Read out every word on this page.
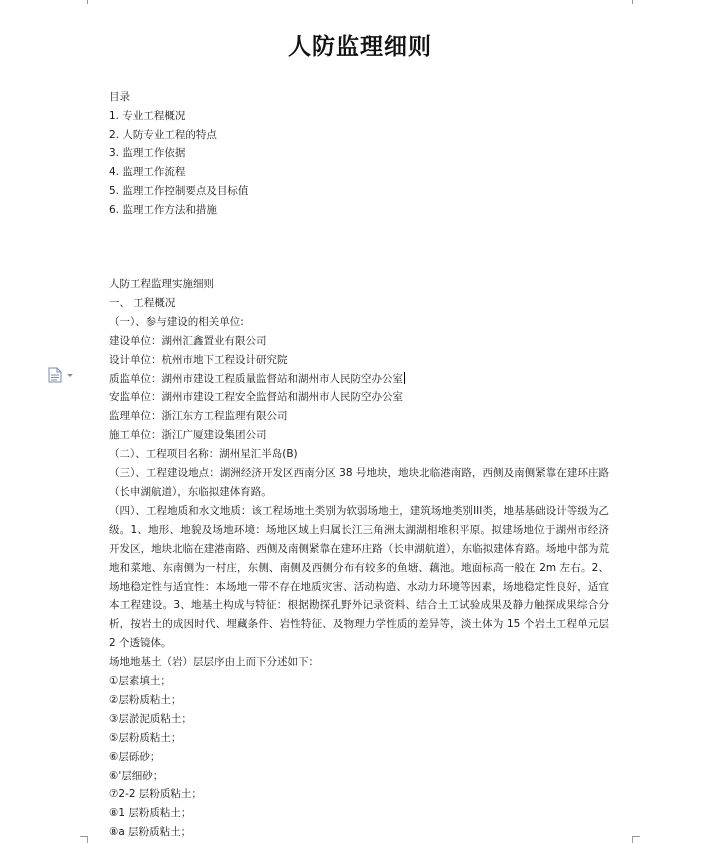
人防监理细则
目录
1. 专业工程概况
2. 人防专业工程的特点
3. 监理工作依据
4. 监理工作流程
5. 监理工作控制要点及目标值
6. 监理工作方法和措施
人防工程监理实施细则
一、 工程概况
（一）、参与建设的相关单位:
建设单位：湖州汇鑫置业有限公司
设计单位：杭州市地下工程设计研究院
质监单位：湖州市建设工程质量监督站和湖州市人民防空办公室
安监单位：湖州市建设工程安全监督站和湖州市人民防空办公室
监理单位：浙江东方工程监理有限公司
施工单位：浙江广厦建设集团公司
（二）、工程项目名称：湖州星汇半岛(B)
（三）、工程建设地点：湖洲经济开发区西南分区 38 号地块，地块北临港南路，西侧及南侧紧靠在建环庄路（长申湖航道），东临拟建体育路。
（四）、工程地质和水文地质：该工程场地土类别为软弱场地土，建筑场地类别III类，地基基础设计等级为乙级。1、地形、地貌及场地环境：场地区域上归属长江三角洲太湖湖相堆积平原。拟建场地位于湖州市经济开发区，地块北临在建港南路、西侧及南侧紧靠在建环庄路（长申湖航道），东临拟建体育路。场地中部为荒地和菜地、东南侧为一村庄，东侧、南侧及西侧分布有较多的鱼塘、藕池。地面标高一般在 2m 左右。2、场地稳定性与适宜性：本场地一带不存在地质灾害、活动构造、水动力环境等因素，场地稳定性良好，适宜本工程建设。3、地基土构成与特征：根据勘探孔野外记录资料、结合土工试验成果及静力触探成果综合分析，按岩土的成因时代、埋藏条件、岩性特征、及物理力学性质的差异等，淡土体为 15 个岩土工程单元层 2 个透镜体。
场地地基土（岩）层层序由上而下分述如下：
①层素填土；
②层粉质粘土；
③层淤泥质粘土；
⑤层粉质粘土；
⑥层砾砂；
⑥'层细砂；
⑦2-2 层粉质粘土；
⑧1 层粉质粘土；
⑧a 层粉质粘土；
